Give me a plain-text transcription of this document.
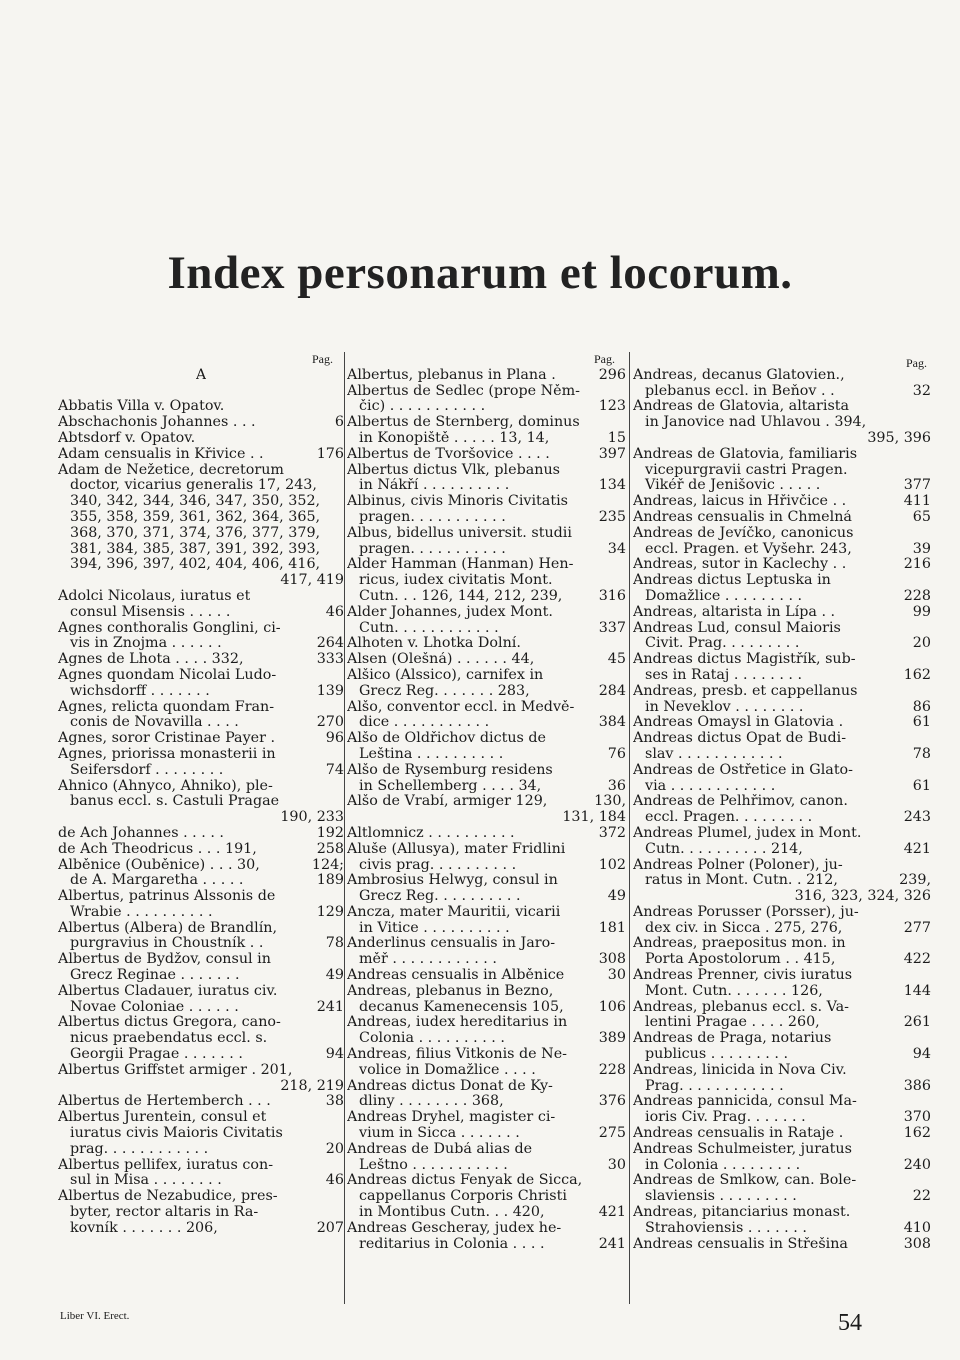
Index personarum et locorum.
Pag.	Pag.	Pag.
A
Abbatis Villa v. Opatov.
Abschachonis Johannes . . .	6
Abtsdorf v. Opatov.
Adam censualis in Křivice . .	176
Adam de Nežetice, decretorum
doctor, vicarius generalis 17, 243,
340, 342, 344, 346, 347, 350, 352,
355, 358, 359, 361, 362, 364, 365,
368, 370, 371, 374, 376, 377, 379,
381, 384, 385, 387, 391, 392, 393,
394, 396, 397, 402, 404, 406, 416,
417, 419
Adolci Nicolaus, iuratus et
consul Misensis . . . . .	46
Agnes conthoralis Gonglini, ci-
vis in Znojma . . . . . .	264
Agnes de Lhota . . . . 332,	333
Agnes quondam Nicolai Ludo-
wichsdorff . . . . . . .	139
Agnes, relicta quondam Fran-
conis de Novavilla . . . .	270
Agnes, soror Cristinae Payer .	96
Agnes, priorissa monasterii in
Seifersdorf . . . . . . . .	74
Ahnico (Ahnyco, Ahniko), ple-
banus eccl. s. Castuli Pragae
190, 233
de Ach Johannes . . . . .	192
de Ach Theodricus . . . 191,	258
Alběnice (Ouběnice) . . . 30,	124;
de A. Margaretha . . . . .	189
Albertus, patrinus Alssonis de
Wrabie . . . . . . . . . .	129
Albertus (Albera) de Brandlín,
purgravius in Choustník . .	78
Albertus de Bydžov, consul in
Grecz Reginae . . . . . . .	49
Albertus Cladauer, iuratus civ.
Novae Coloniae . . . . . .	241
Albertus dictus Gregora, cano-
nicus praebendatus eccl. s.
Georgii Pragae . . . . . . .	94
Albertus Griffstet armiger . 201,
218, 219
Albertus de Hertemberch . . .	38
Albertus Jurentein, consul et
iuratus civis Maioris Civitatis
prag. . . . . . . . . . . .	20
Albertus pellifex, iuratus con-
sul in Misa . . . . . . . .	46
Albertus de Nezabudice, pres-
byter, rector altaris in Ra-
kovník . . . . . . . 206,	207
Albertus, plebanus in Plana .	296
Albertus de Sedlec (prope Něm-
čic) . . . . . . . . . . .	123
Albertus de Sternberg, dominus
in Konopiště . . . . . 13, 14,	15
Albertus de Tvoršovice . . . .	397
Albertus dictus Vlk, plebanus
in Nákří . . . . . . . . . .	134
Albinus, civis Minoris Civitatis
pragen. . . . . . . . . . .	235
Albus, bidellus universit. studii
pragen. . . . . . . . . . .	34
Alder Hamman (Hanman) Hen-
ricus, iudex civitatis Mont.
Cutn. . . 126, 144, 212, 239,	316
Alder Johannes, judex Mont.
Cutn. . . . . . . . . . . .	337
Alhoten v. Lhotka Dolní.
Alsen (Olešná) . . . . . . 44,	45
Alšico (Alssico), carnifex in
Grecz Reg. . . . . . . 283,	284
Alšo, conventor eccl. in Medvě-
dice . . . . . . . . . . .	384
Alšo de Oldřichov dictus de
Leština . . . . . . . . . .	76
Alšo de Rysemburg residens
in Schellemberg . . . . 34,	36
Alšo de Vrabí, armiger 129,	130,
131, 184
Altlomnicz . . . . . . . . . .	372
Aluše (Allusya), mater Fridlini
civis prag. . . . . . . . . .	102
Ambrosius Helwyg, consul in
Grecz Reg. . . . . . . . . .	49
Ancza, mater Mauritii, vicarii
in Vitice . . . . . . . . . .	181
Anderlinus censualis in Jaro-
měř . . . . . . . . . . . .	308
Andreas censualis in Alběnice	30
Andreas, plebanus in Bezno,
decanus Kamenecensis 105, 106
Andreas, iudex hereditarius in
Colonia . . . . . . . . . .	389
Andreas, filius Vitkonis de Ne-
volice in Domažlice . . . .	228
Andreas dictus Donat de Ky-
dliny . . . . . . . . 368,	376
Andreas Dryhel, magister ci-
vium in Sicca . . . . . . .	275
Andreas de Dubá alias de
Leštno . . . . . . . . . . .	30
Andreas dictus Fenyak de Sicca,
cappellanus Corporis Christi
in Montibus Cutn. . . 420,	421
Andreas Gescheray, judex he-
reditarius in Colonia . . . .	241
Andreas, decanus Glatovien.,
plebanus eccl. in Beňov . .	32
Andreas de Glatovia, altarista
in Janovice nad Úhlavou . 394,
395, 396
Andreas de Glatovia, familiaris
vicepurgravii castri Pragen.
Vikéř de Jenišovic . . . . .	377
Andreas, laicus in Hřivčice . .	411
Andreas censualis in Chmelná	65
Andreas de Jevíčko, canonicus
eccl. Pragen. et Vyšehr. 243,	39
Andreas, sutor in Kaclechy . .	216
Andreas dictus Leptuska in
Domažlice . . . . . . . . .	228
Andreas, altarista in Lípa . .	99
Andreas Lud, consul Maioris
Civit. Prag. . . . . . . . .	20
Andreas dictus Magistřík, sub-
ses in Rataj . . . . . . . .	162
Andreas, presb. et cappellanus
in Neveklov . . . . . . . .	86
Andreas Omaysl in Glatovia .	61
Andreas dictus Opat de Budi-
slav . . . . . . . . . . . .	78
Andreas de Ostřetice in Glato-
via . . . . . . . . . . . .	61
Andreas de Pelhřimov, canon.
eccl. Pragen. . . . . . . . .	243
Andreas Plumel, judex in Mont.
Cutn. . . . . . . . . . 214,	421
Andreas Polner (Poloner), ju-
ratus in Mont. Cutn. . 212,	239,
316, 323, 324, 326
Andreas Porusser (Porsser), ju-
dex civ. in Sicca . 275, 276,	277
Andreas, praepositus mon. in
Porta Apostolorum . . 415,	422
Andreas Prenner, civis iuratus
Mont. Cutn. . . . . . . 126,	144
Andreas, plebanus eccl. s. Va-
lentini Pragae . . . . 260,	261
Andreas de Praga, notarius
publicus . . . . . . . . .	94
Andreas, linicida in Nova Civ.
Prag. . . . . . . . . . . .	386
Andreas pannicida, consul Ma-
ioris Civ. Prag. . . . . . .	370
Andreas censualis in Rataje .	162
Andreas Schulmeister, juratus
in Colonia . . . . . . . . .	240
Andreas de Smlkow, can. Bole-
slaviensis . . . . . . . . .	22
Andreas, pitanciarius monast.
Strahoviensis . . . . . . .	410
Andreas censualis in Střešina	308
Liber VI. Erect.	54
